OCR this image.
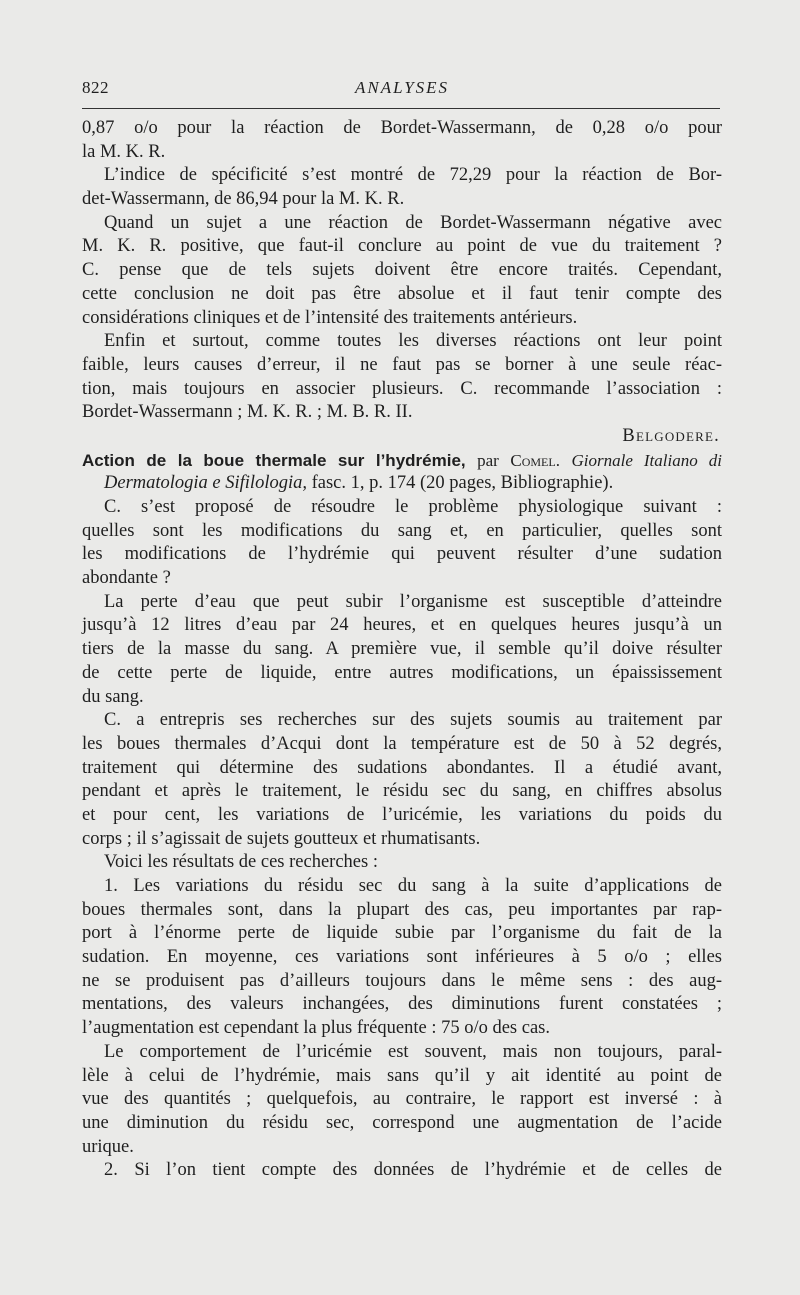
822	ANALYSES
0,87 o/o pour la réaction de Bordet-Wassermann, de 0,28 o/o pour
la M. K. R.
L’indice de spécificité s’est montré de 72,29 pour la réaction de Bor-
det-Wassermann, de 86,94 pour la M. K. R.
Quand un sujet a une réaction de Bordet-Wassermann négative avec
M. K. R. positive, que faut-il conclure au point de vue du traitement ?
C. pense que de tels sujets doivent être encore traités. Cependant,
cette conclusion ne doit pas être absolue et il faut tenir compte des
considérations cliniques et de l’intensité des traitements antérieurs.
Enfin et surtout, comme toutes les diverses réactions ont leur point
faible, leurs causes d’erreur, il ne faut pas se borner à une seule réac-
tion, mais toujours en associer plusieurs. C. recommande l’association :
Bordet-Wassermann ; M. K. R. ; M. B. R. II.
Belgodere.
Action de la boue thermale sur l’hydrémie, par Comel. Giornale Italiano di
Dermatologia e Sifilologia, fasc. 1, p. 174 (20 pages, Bibliographie).
C. s’est proposé de résoudre le problème physiologique suivant :
quelles sont les modifications du sang et, en particulier, quelles sont
les modifications de l’hydrémie qui peuvent résulter d’une sudation
abondante ?
La perte d’eau que peut subir l’organisme est susceptible d’atteindre
jusqu’à 12 litres d’eau par 24 heures, et en quelques heures jusqu’à un
tiers de la masse du sang. A première vue, il semble qu’il doive résulter
de cette perte de liquide, entre autres modifications, un épaississement
du sang.
C. a entrepris ses recherches sur des sujets soumis au traitement par
les boues thermales d’Acqui dont la température est de 50 à 52 degrés,
traitement qui détermine des sudations abondantes. Il a étudié avant,
pendant et après le traitement, le résidu sec du sang, en chiffres absolus
et pour cent, les variations de l’uricémie, les variations du poids du
corps ; il s’agissait de sujets goutteux et rhumatisants.
Voici les résultats de ces recherches :
1. Les variations du résidu sec du sang à la suite d’applications de
boues thermales sont, dans la plupart des cas, peu importantes par rap-
port à l’énorme perte de liquide subie par l’organisme du fait de la
sudation. En moyenne, ces variations sont inférieures à 5 o/o ; elles
ne se produisent pas d’ailleurs toujours dans le même sens : des aug-
mentations, des valeurs inchangées, des diminutions furent constatées ;
l’augmentation est cependant la plus fréquente : 75 o/o des cas.
Le comportement de l’uricémie est souvent, mais non toujours, paral-
lèle à celui de l’hydrémie, mais sans qu’il y ait identité au point de
vue des quantités ; quelquefois, au contraire, le rapport est inversé : à
une diminution du résidu sec, correspond une augmentation de l’acide
urique.
2. Si l’on tient compte des données de l’hydrémie et de celles de
